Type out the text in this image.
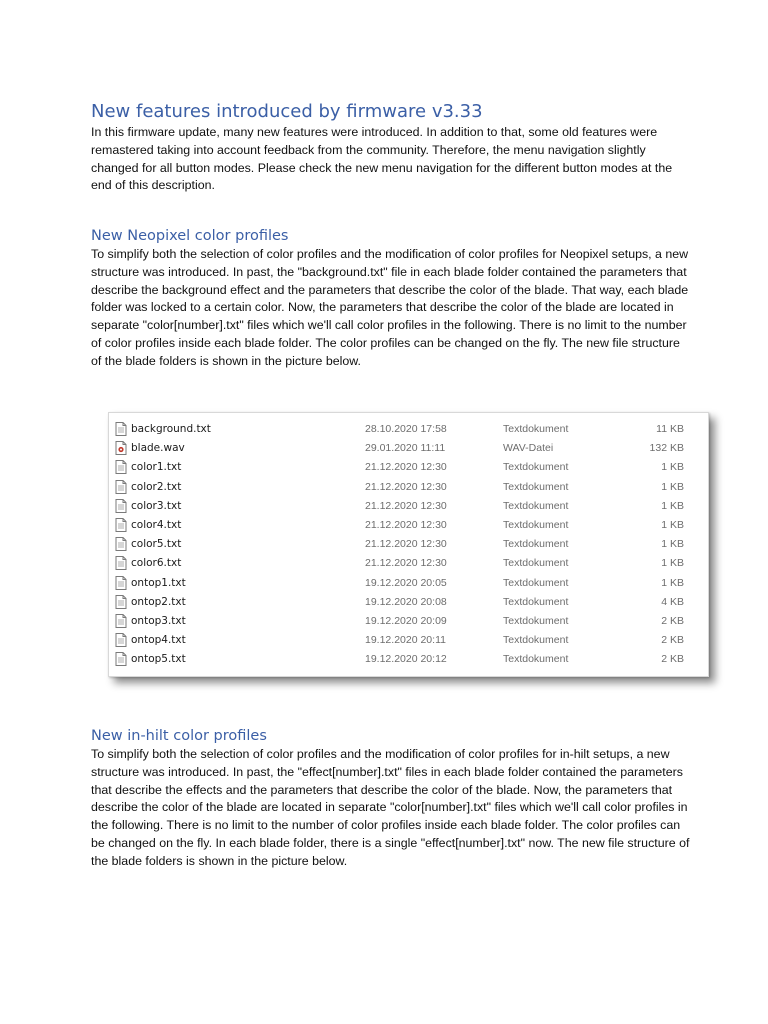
New features introduced by firmware v3.33

In this firmware update, many new features were introduced. In addition to that, some old features were remastered taking into account feedback from the community. Therefore, the menu navigation slightly changed for all button modes. Please check the new menu navigation for the different button modes at the end of this description.

New Neopixel color profiles

To simplify both the selection of color profiles and the modification of color profiles for Neopixel setups, a new structure was introduced. In past, the "background.txt" file in each blade folder contained the parameters that describe the background effect and the parameters that describe the color of the blade. That way, each blade folder was locked to a certain color. Now, the parameters that describe the color of the blade are located in separate "color[number].txt" files which we'll call color profiles in the following. There is no limit to the number of color profiles inside each blade folder. The color profiles can be changed on the fly. The new file structure of the blade folders is shown in the picture below.

New in-hilt color profiles

To simplify both the selection of color profiles and the modification of color profiles for in-hilt setups, a new structure was introduced. In past, the "effect[number].txt" files in each blade folder contained the parameters that describe the effects and the parameters that describe the color of the blade. Now, the parameters that describe the color of the blade are located in separate "color[number].txt" files which we'll call color profiles in the following. There is no limit to the number of color profiles inside each blade folder. The color profiles can be changed on the fly. In each blade folder, there is a single "effect[number].txt" now. The new file structure of the blade folders is shown in the picture below.

background.txt	28.10.2020 17:58	Textdokument	11 KB
blade.wav	29.01.2020 11:11	WAV-Datei	132 KB
color1.txt	21.12.2020 12:30	Textdokument	1 KB
color2.txt	21.12.2020 12:30	Textdokument	1 KB
color3.txt	21.12.2020 12:30	Textdokument	1 KB
color4.txt	21.12.2020 12:30	Textdokument	1 KB
color5.txt	21.12.2020 12:30	Textdokument	1 KB
color6.txt	21.12.2020 12:30	Textdokument	1 KB
ontop1.txt	19.12.2020 20:05	Textdokument	1 KB
ontop2.txt	19.12.2020 20:08	Textdokument	4 KB
ontop3.txt	19.12.2020 20:09	Textdokument	2 KB
ontop4.txt	19.12.2020 20:11	Textdokument	2 KB
ontop5.txt	19.12.2020 20:12	Textdokument	2 KB
